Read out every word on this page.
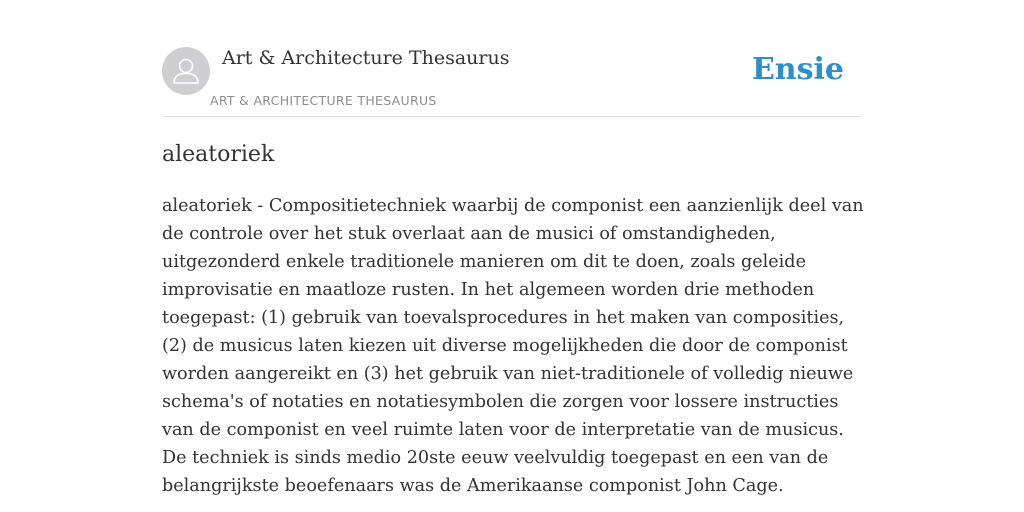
Art & Architecture Thesaurus
ART & ARCHITECTURE THESAURUS
Ensie
aleatoriek

aleatoriek - Compositietechniek waarbij de componist een aanzienlijk deel van de controle over het stuk overlaat aan de musici of omstandigheden, uitgezonderd enkele traditionele manieren om dit te doen, zoals geleide improvisatie en maatloze rusten. In het algemeen worden drie methoden toegepast: (1) gebruik van toevalsprocedures in het maken van composities, (2) de musicus laten kiezen uit diverse mogelijkheden die door de componist worden aangereikt en (3) het gebruik van niet-traditionele of volledig nieuwe schema's of notaties en notatiesymbolen die zorgen voor lossere instructies van de componist en veel ruimte laten voor de interpretatie van de musicus. De techniek is sinds medio 20ste eeuw veelvuldig toegepast en een van de belangrijkste beoefenaars was de Amerikaanse componist John Cage.
